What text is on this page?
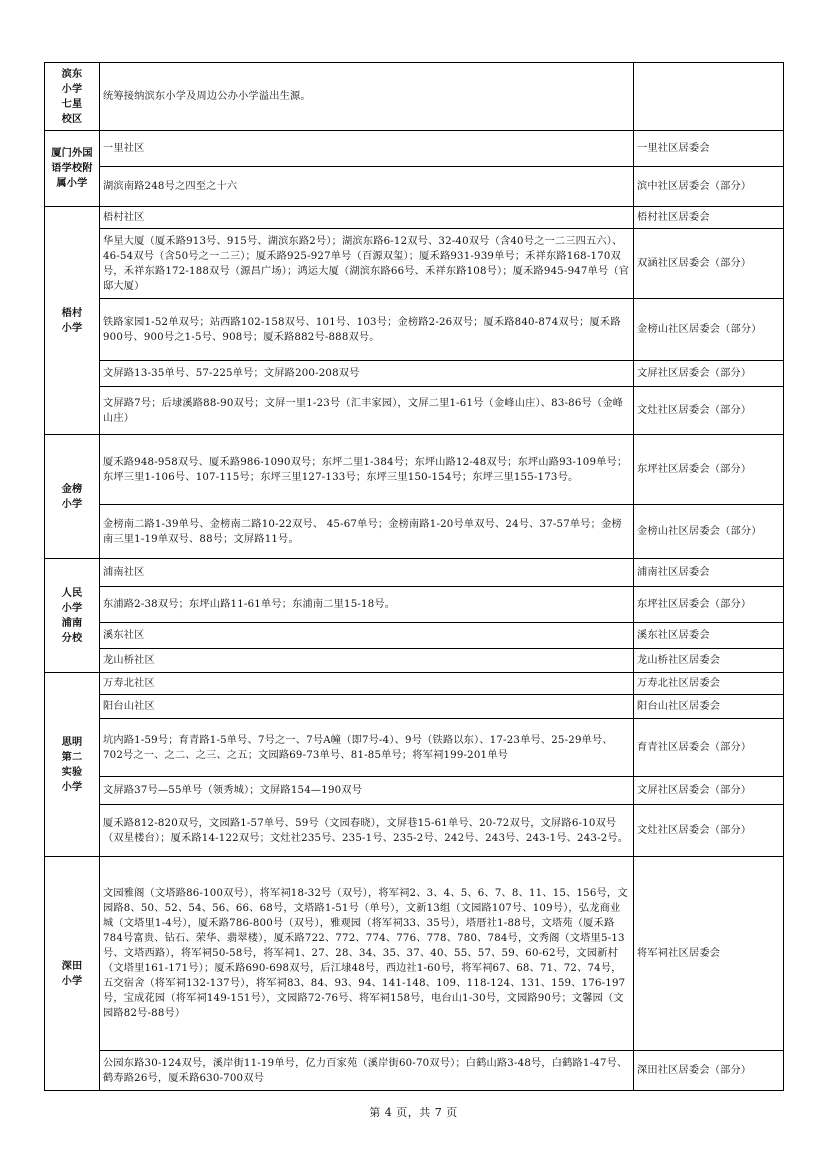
滨东小学七星校区	统筹接纳滨东小学及周边公办小学溢出生源。	
厦门外国语学校附属小学	一里社区	一里社区居委会
	湖滨南路248号之四至之十六	滨中社区居委会（部分）
梧村小学	梧村社区	梧村社区居委会
	华星大厦（厦禾路913号、915号、湖滨东路2号）；湖滨东路6-12双号、32-40双号（含40号之一二三四五六）、46-54双号（含50号之一二三）；厦禾路925-927单号（百源双玺）；厦禾路931-939单号；禾祥东路168-170双号，禾祥东路172-188双号（源昌广场）；鸿运大厦（湖滨东路66号、禾祥东路108号）；厦禾路945-947单号（官邸大厦）	双涵社区居委会（部分）
	铁路家园1-52单双号；站西路102-158双号、101号、103号；金榜路2-26双号；厦禾路840-874双号；厦禾路900号、900号之1-5号、908号；厦禾路882号-888双号。	金榜山社区居委会（部分）
	文屏路13-35单号、57-225单号；文屏路200-208双号	文屏社区居委会（部分）
	文屏路7号；后埭溪路88-90双号；文屏一里1-23号（汇丰家园），文屏二里1-61号（金峰山庄）、83-86号（金峰山庄）	文灶社区居委会（部分）
金榜小学	厦禾路948-958双号、厦禾路986-1090双号；东坪二里1-384号；东坪山路12-48双号；东坪山路93-109单号；东坪三里1-106号、107-115号；东坪三里127-133号；东坪三里150-154号；东坪三里155-173号。	东坪社区居委会（部分）
	金榜南二路1-39单号、金榜南二路10-22双号、 45-67单号；金榜南路1-20号单双号、24号、37-57单号；金榜南三里1-19单双号、88号；文屏路11号。	金榜山社区居委会（部分）
人民小学浦南分校	浦南社区	浦南社区居委会
	东浦路2-38双号；东坪山路11-61单号；东浦南二里15-18号。	东坪社区居委会（部分）
	溪东社区	溪东社区居委会
	龙山桥社区	龙山桥社区居委会
思明第二实验小学	万寿北社区	万寿北社区居委会
	阳台山社区	阳台山社区居委会
	坑内路1-59号；育青路1-5单号、7号之一、7号A幢（即7号-4）、9号（铁路以东）、17-23单号、25-29单号、702号之一、之二、之三、之五；文园路69-73单号、81-85单号；将军祠199-201单号	育青社区居委会（部分）
	文屏路37号—55单号（领秀城）；文屏路154—190双号	文屏社区居委会（部分）
	厦禾路812-820双号，文园路1-57单号、59号（文园春晓），文屏巷15-61单号、20-72双号，文屏路6-10双号（双星楼台）；厦禾路14-122双号；文灶社235号、235-1号、235-2号、242号、243号、243-1号、243-2号。	文灶社区居委会（部分）
深田小学	文园雅阁（文塔路86-100双号），将军祠18-32号（双号），将军祠2、3、4、5、6、7、8、11、15、156号，文园路8、50、52、54、56、66、68号，文塔路1-51号（单号），文新13组（文园路107号、109号），弘龙商业城（文塔里1-4号），厦禾路786-800号（双号），雅观园（将军祠33、35号），塔厝社1-88号，文塔苑（厦禾路784号富贵、钻石、荣华、翡翠楼），厦禾路722、772、774、776、778、780、784号，文秀阁（文塔里5-13号、文塔西路），将军祠50-58号，将军祠1、27、28、34、35、37、40、55、57、59、60-62号，文园新村（文塔里161-171号）；厦禾路690-698双号，后江埭48号，西边社1-60号，将军祠67、68、71、72、74号，五交宿舍（将军祠132-137号），将军祠83、84、93、94、141-148、109、118-124、131、159、176-197号，宝成花园（将军祠149-151号），文园路72-76号、将军祠158号，电台山1-30号，文园路90号；文馨园（文园路82号-88号）	将军祠社区居委会
	公园东路30-124双号，溪岸街11-19单号，亿力百家苑（溪岸街60-70双号）；白鹤山路3-48号，白鹤路1-47号、鹤寿路26号，厦禾路630-700双号	深田社区居委会（部分）
第 4 页，共 7 页
